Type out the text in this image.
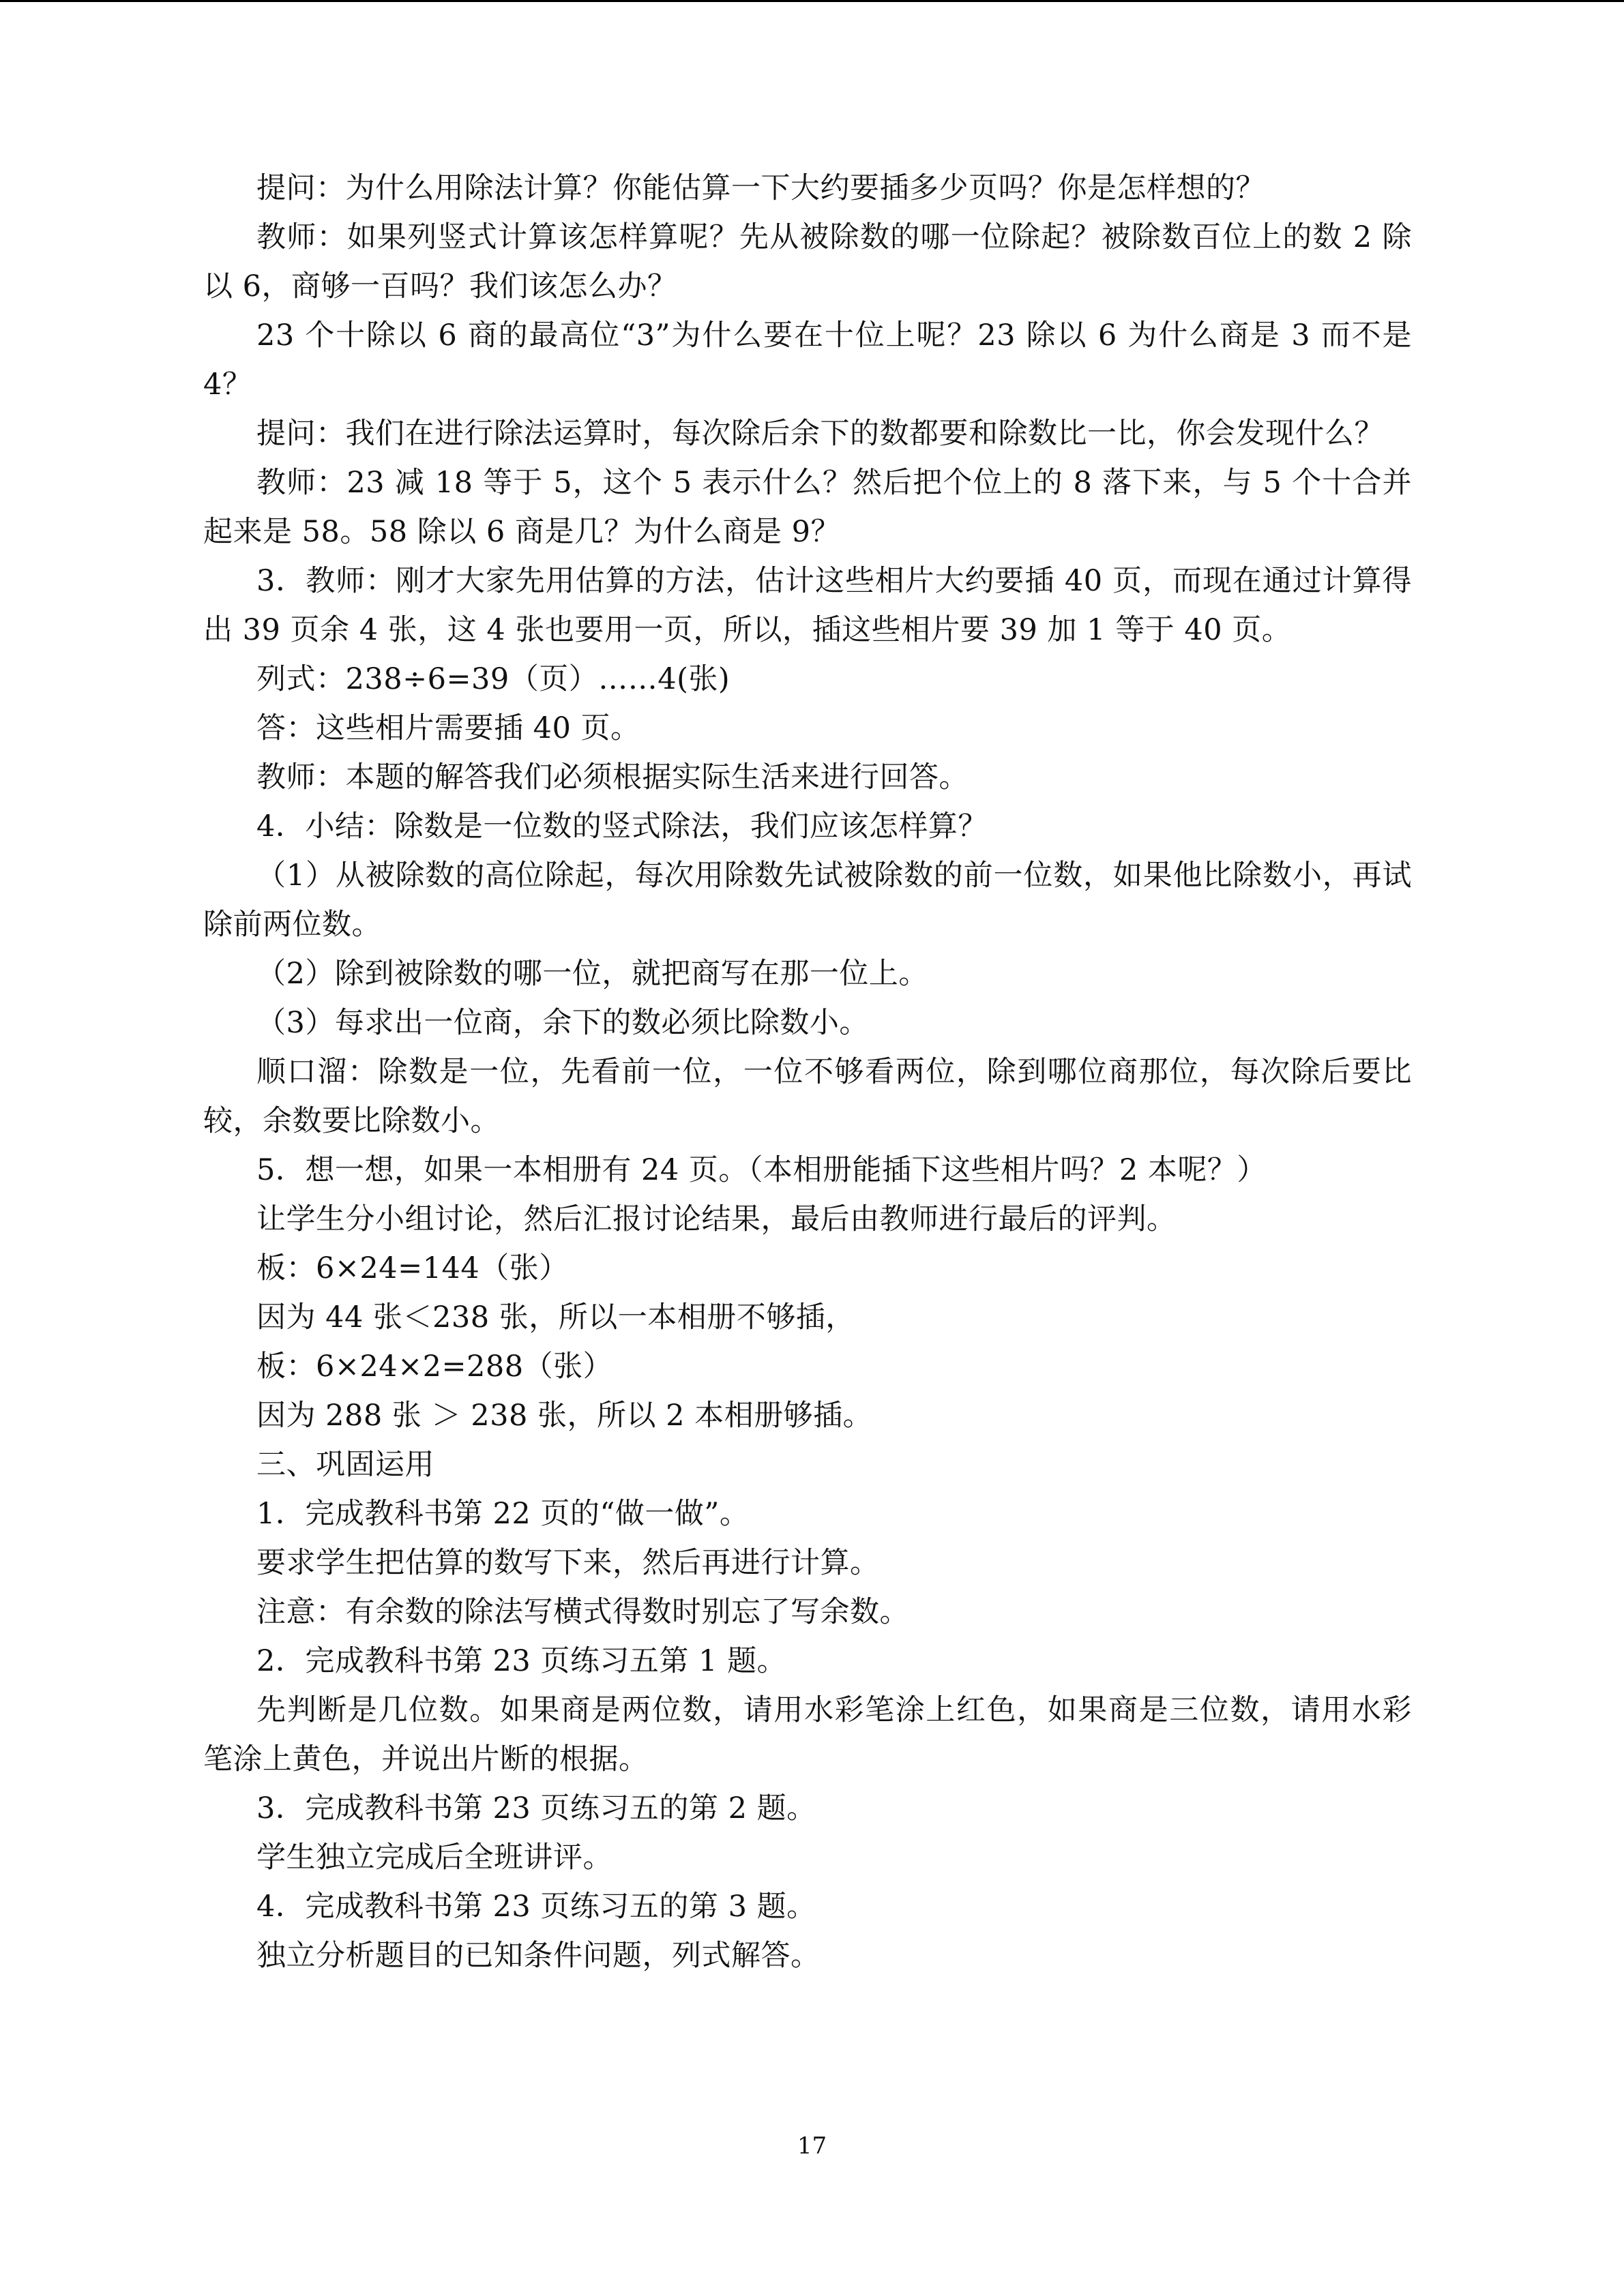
提问：为什么用除法计算？你能估算一下大约要插多少页吗？你是怎样想的？

教师：如果列竖式计算该怎样算呢？先从被除数的哪一位除起？被除数百位上的数 2 除以 6，商够一百吗？我们该怎么办？

23 个十除以 6 商的最高位“3”为什么要在十位上呢？23 除以 6 为什么商是 3 而不是 4？

提问：我们在进行除法运算时，每次除后余下的数都要和除数比一比，你会发现什么？

教师：23 减 18 等于 5，这个 5 表示什么？然后把个位上的 8 落下来，与 5 个十合并起来是 58。58 除以 6 商是几？为什么商是 9？

3．教师：刚才大家先用估算的方法，估计这些相片大约要插 40 页，而现在通过计算得出 39 页余 4 张，这 4 张也要用一页，所以，插这些相片要 39 加 1 等于 40 页。

列式：238÷6=39（页）……4(张)

答：这些相片需要插 40 页。

教师：本题的解答我们必须根据实际生活来进行回答。

4．小结：除数是一位数的竖式除法，我们应该怎样算？

（1）从被除数的高位除起，每次用除数先试被除数的前一位数，如果他比除数小，再试除前两位数。

（2）除到被除数的哪一位，就把商写在那一位上。

（3）每求出一位商，余下的数必须比除数小。

顺口溜：除数是一位，先看前一位，一位不够看两位，除到哪位商那位，每次除后要比较，余数要比除数小。

5．想一想，如果一本相册有 24 页。（本相册能插下这些相片吗？2 本呢？）

让学生分小组讨论，然后汇报讨论结果，最后由教师进行最后的评判。

板：6×24=144（张）

因为 44 张＜238 张，所以一本相册不够插，

板：6×24×2=288（张）

因为 288 张 ＞ 238 张，所以 2 本相册够插。

三、巩固运用

1．完成教科书第 22 页的“做一做”。

要求学生把估算的数写下来，然后再进行计算。

注意：有余数的除法写横式得数时别忘了写余数。

2．完成教科书第 23 页练习五第 1 题。

先判断是几位数。如果商是两位数，请用水彩笔涂上红色，如果商是三位数，请用水彩笔涂上黄色，并说出片断的根据。

3．完成教科书第 23 页练习五的第 2 题。

学生独立完成后全班讲评。

4．完成教科书第 23 页练习五的第 3 题。

独立分析题目的已知条件问题，列式解答。

17
